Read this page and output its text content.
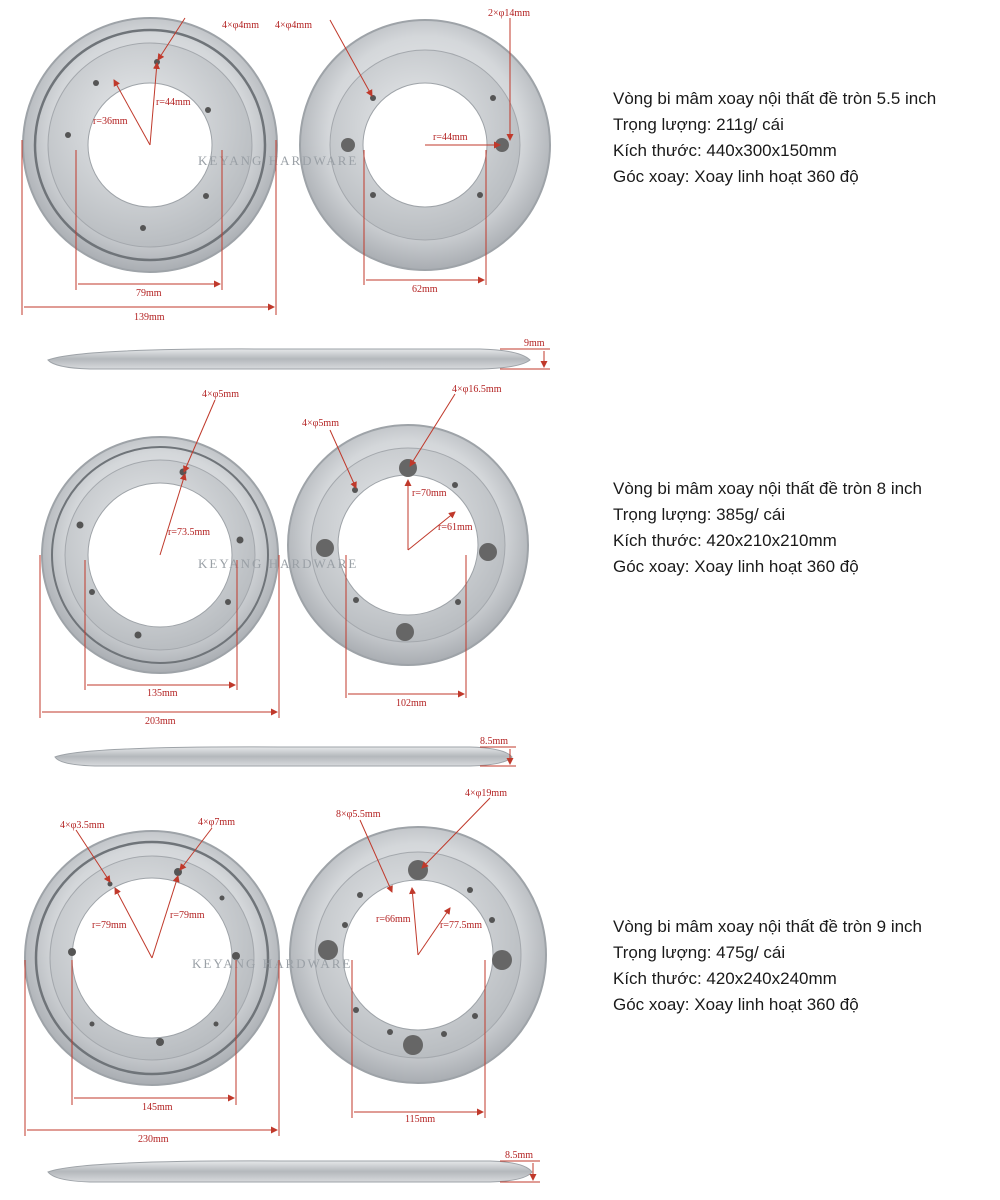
KEYANG HARDWARE
4×φ4mm
r=44mm
r=36mm
79mm
139mm
4×φ4mm
2×φ14mm
r=44mm
62mm
9mm
Vòng bi mâm xoay nội thất đề tròn 5.5 inch
Trọng lượng: 211g/ cái
Kích thước: 440x300x150mm
Góc xoay: Xoay linh hoạt 360 độ
KEYANG HARDWARE
4×φ5mm
r=73.5mm
135mm
203mm
4×φ5mm
4×φ16.5mm
r=70mm
r=61mm
102mm
8.5mm
Vòng bi mâm xoay nội thất đề tròn 8 inch
Trọng lượng: 385g/ cái
Kích thước: 420x210x210mm
Góc xoay: Xoay linh hoạt 360 độ
KEYANG HARDWARE
4×φ3.5mm	4×φ7mm
r=79mm
r=79mm
145mm
230mm
8×φ5.5mm
4×φ19mm
r=66mm
r=77.5mm
115mm
8.5mm
Vòng bi mâm xoay nội thất đề tròn 9 inch
Trọng lượng: 475g/ cái
Kích thước: 420x240x240mm
Góc xoay: Xoay linh hoạt 360 độ
